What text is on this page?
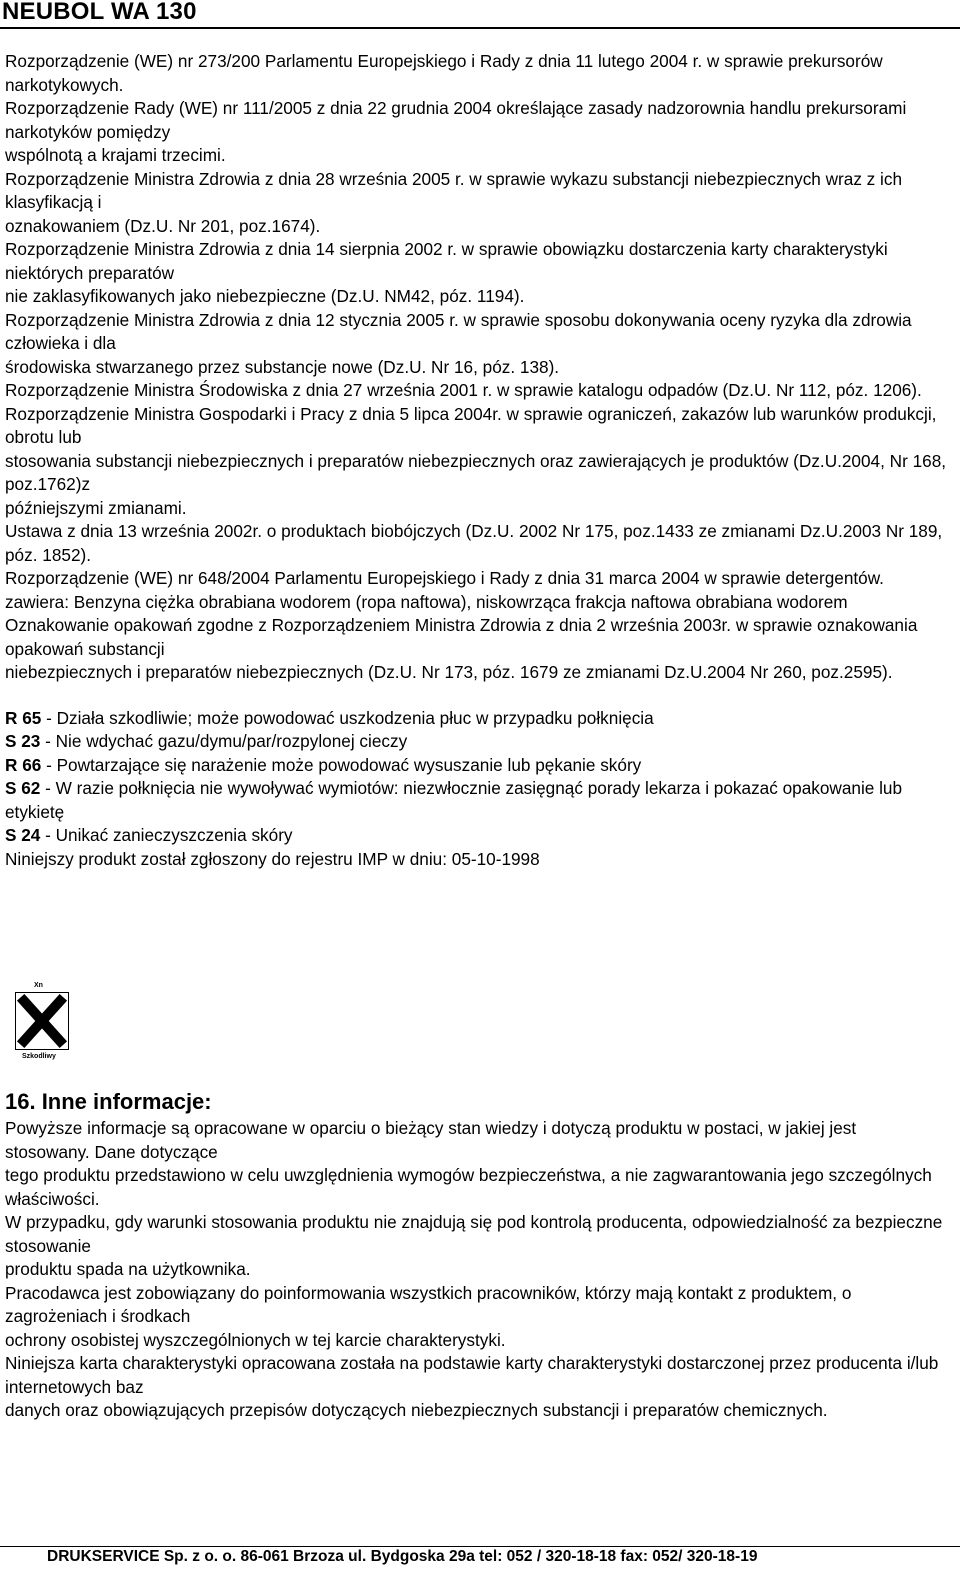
NEUBOL WA 130

Rozporządzenie (WE) nr 273/200 Parlamentu Europejskiego i Rady z dnia 11 lutego 2004 r. w sprawie prekursorów narkotykowych.

Rozporządzenie Rady (WE) nr 111/2005 z dnia 22 grudnia 2004 określające zasady nadzorownia handlu prekursorami narkotyków pomiędzy

wspólnotą a krajami trzecimi.

Rozporządzenie Ministra Zdrowia z dnia 28 września 2005 r. w sprawie wykazu substancji niebezpiecznych wraz z ich klasyfikacją i

oznakowaniem (Dz.U. Nr 201, poz.1674).

Rozporządzenie Ministra Zdrowia z dnia 14 sierpnia 2002 r. w sprawie obowiązku dostarczenia karty charakterystyki niektórych preparatów

nie zaklasyfikowanych jako niebezpieczne (Dz.U. NM42, póz. 1194).

Rozporządzenie Ministra Zdrowia z dnia 12 stycznia 2005 r. w sprawie sposobu dokonywania oceny ryzyka dla zdrowia człowieka i dla

środowiska stwarzanego przez substancje nowe (Dz.U. Nr 16, póz. 138).

Rozporządzenie Ministra Środowiska z dnia 27 września 2001 r. w sprawie katalogu odpadów (Dz.U. Nr 112, póz. 1206).

Rozporządzenie Ministra Gospodarki i Pracy z dnia 5 lipca 2004r. w sprawie ograniczeń, zakazów lub warunków produkcji, obrotu lub

stosowania substancji niebezpiecznych i preparatów niebezpiecznych oraz zawierających je produktów (Dz.U.2004, Nr 168, poz.1762)z

późniejszymi zmianami.

Ustawa z dnia 13 września 2002r. o produktach biobójczych (Dz.U. 2002 Nr 175, poz.1433 ze zmianami Dz.U.2003 Nr 189, póz. 1852).

Rozporządzenie (WE) nr 648/2004 Parlamentu Europejskiego i Rady z dnia 31 marca 2004 w sprawie detergentów.

zawiera: Benzyna ciężka obrabiana wodorem (ropa naftowa), niskowrząca frakcja naftowa obrabiana wodorem

Oznakowanie opakowań zgodne z Rozporządzeniem Ministra Zdrowia z dnia 2 września 2003r. w sprawie oznakowania opakowań substancji

niebezpiecznych i preparatów niebezpiecznych (Dz.U. Nr 173, póz. 1679 ze zmianami Dz.U.2004 Nr 260, poz.2595).

R 65 - Działa szkodliwie; może powodować uszkodzenia płuc w przypadku połknięcia

S 23 - Nie wdychać gazu/dymu/par/rozpylonej cieczy

R 66 - Powtarzające się narażenie może powodować wysuszanie lub pękanie skóry

S 62 - W razie połknięcia nie wywoływać wymiotów: niezwłocznie zasięgnąć porady lekarza i pokazać opakowanie lub etykietę

S 24 - Unikać zanieczyszczenia skóry

Niniejszy produkt został zgłoszony do rejestru IMP w dniu: 05-10-1998

Xn
Szkodliwy
16. Inne informacje:

Powyższe informacje są opracowane w oparciu o bieżący stan wiedzy i dotyczą produktu w postaci, w jakiej jest stosowany. Dane dotyczące

tego produktu przedstawiono w celu uwzględnienia wymogów bezpieczeństwa, a nie zagwarantowania jego szczególnych właściwości.

W przypadku, gdy warunki stosowania produktu nie znajdują się pod kontrolą producenta, odpowiedzialność za bezpieczne stosowanie

produktu spada na użytkownika.

Pracodawca jest zobowiązany do poinformowania wszystkich pracowników, którzy mają kontakt z produktem, o zagrożeniach i środkach

ochrony osobistej wyszczególnionych w tej karcie charakterystyki.

Niniejsza karta charakterystyki opracowana została na podstawie karty charakterystyki dostarczonej przez producenta i/lub internetowych baz

danych oraz obowiązujących przepisów dotyczących niebezpiecznych substancji i preparatów chemicznych.

DRUKSERVICE Sp. z o. o. 86-061 Brzoza ul. Bydgoska 29a tel: 052 / 320-18-18 fax: 052/ 320-18-19
